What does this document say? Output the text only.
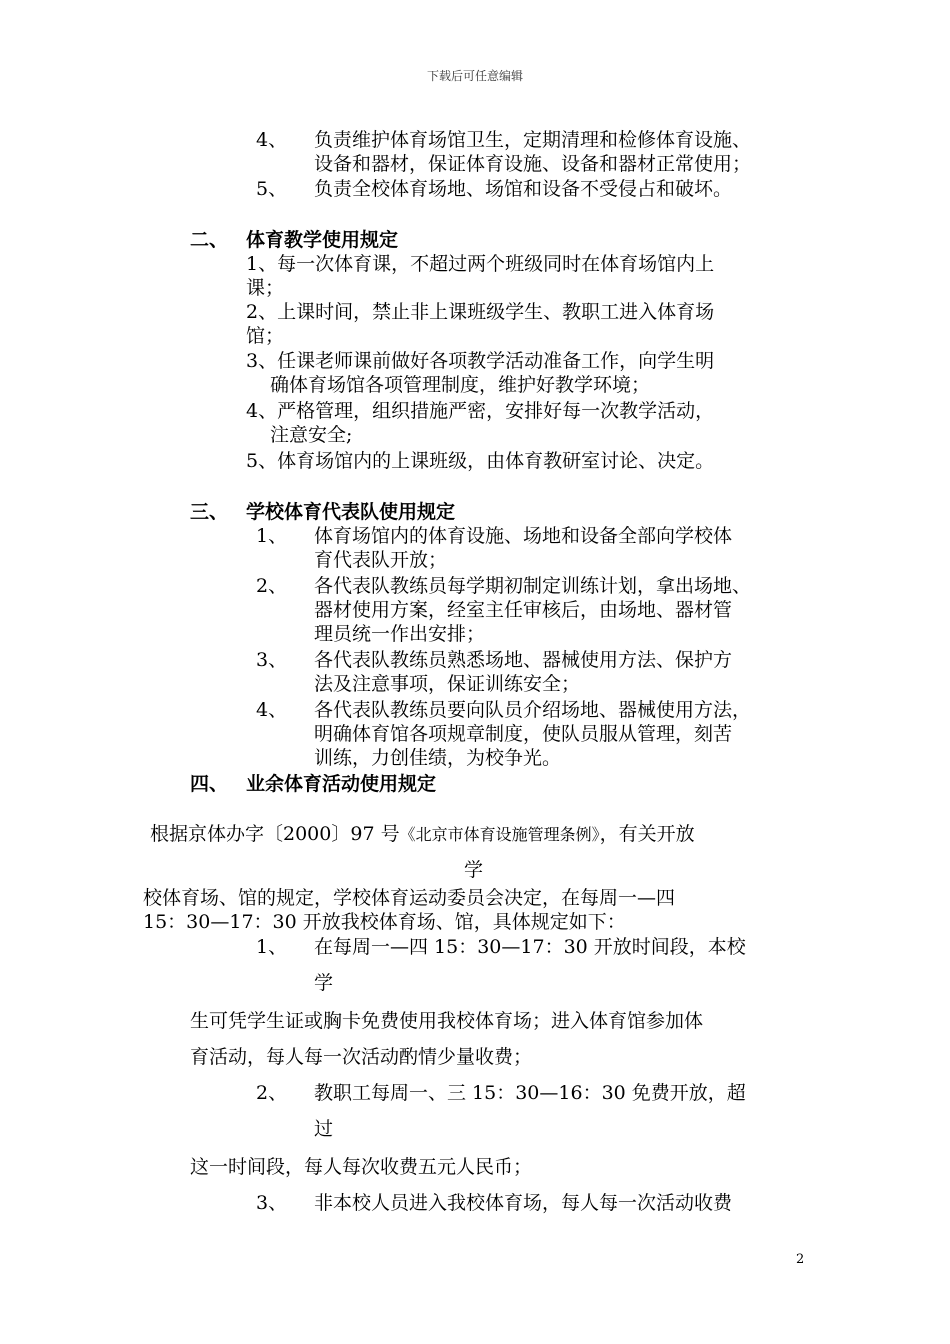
下载后可任意编辑
4、 负责维护体育场馆卫生，定期清理和检修体育设施、
设备和器材，保证体育设施、设备和器材正常使用；
5、 负责全校体育场地、场馆和设备不受侵占和破坏。
二、 体育教学使用规定
1、每一次体育课，不超过两个班级同时在体育场馆内上
课；
2、上课时间，禁止非上课班级学生、教职工进入体育场
馆；
3、任课老师课前做好各项教学活动准备工作，向学生明
确体育场馆各项管理制度，维护好教学环境；
4、严格管理，组织措施严密，安排好每一次教学活动，
注意安全;
5、体育场馆内的上课班级，由体育教研室讨论、决定。
三、 学校体育代表队使用规定
1、 体育场馆内的体育设施、场地和设备全部向学校体
育代表队开放；
2、 各代表队教练员每学期初制定训练计划，拿出场地、
器材使用方案，经室主任审核后，由场地、器材管
理员统一作出安排；
3、 各代表队教练员熟悉场地、器械使用方法、保护方
法及注意事项，保证训练安全；
4、 各代表队教练员要向队员介绍场地、器械使用方法，
明确体育馆各项规章制度，使队员服从管理，刻苦
训练，力创佳绩，为校争光。
四、 业余体育活动使用规定
根据京体办字〔2000〕97 号《北京市体育设施管理条例》，有关开放
学
校体育场、馆的规定，学校体育运动委员会决定，在每周一—四
15：30—17：30 开放我校体育场、馆，具体规定如下：
1、 在每周一—四 15：30—17：30 开放时间段，本校
学
生可凭学生证或胸卡免费使用我校体育场；进入体育馆参加体
育活动，每人每一次活动酌情少量收费；
2、 教职工每周一、三 15：30—16：30 免费开放，超
过
这一时间段，每人每次收费五元人民币；
3、 非本校人员进入我校体育场，每人每一次活动收费
2
